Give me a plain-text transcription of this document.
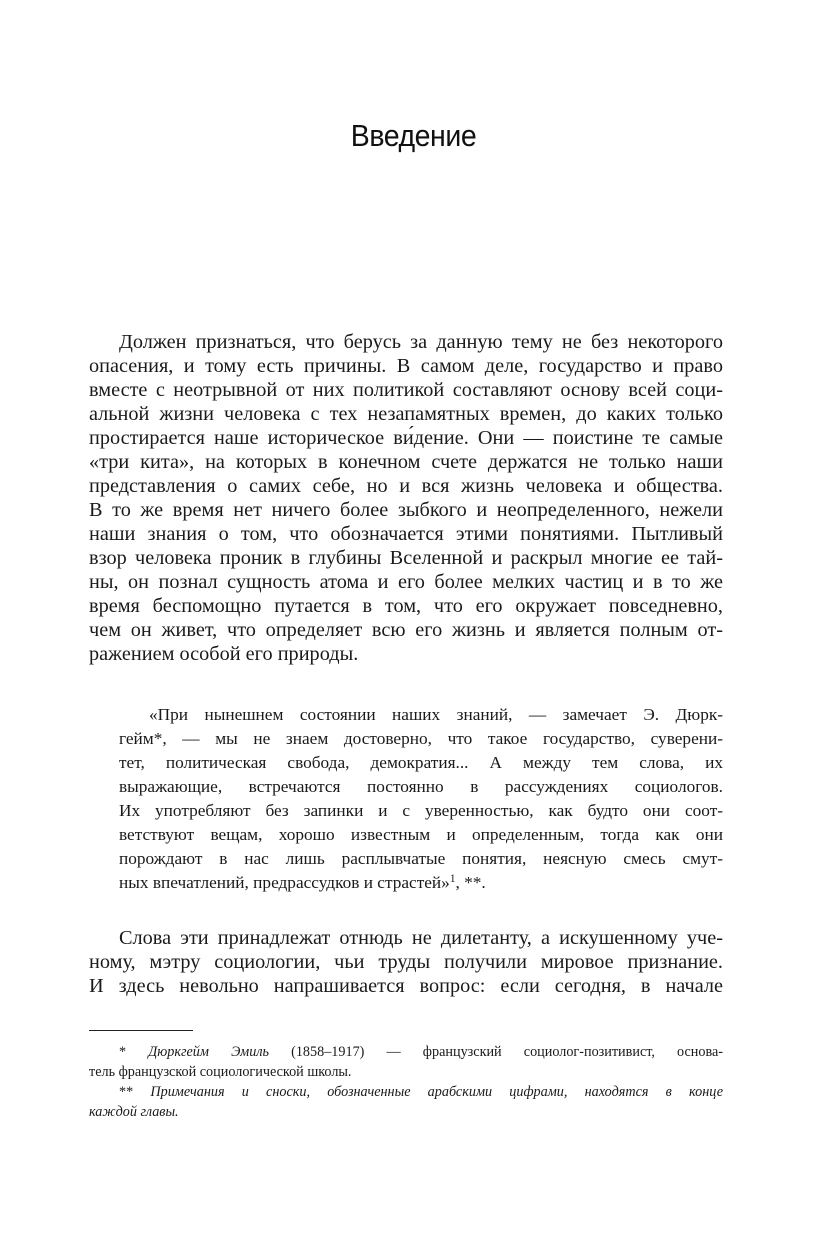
Введение
Должен признаться, что берусь за данную тему не без некоторого
опасения, и тому есть причины. В самом деле, государство и право
вместе с неотрывной от них политикой составляют основу всей соци-
альной жизни человека с тех незапамятных времен, до каких только
простирается наше историческое ви́дение. Они — поистине те самые
«три кита», на которых в конечном счете держатся не только наши
представления о самих себе, но и вся жизнь человека и общества.
В то же время нет ничего более зыбкого и неопределенного, нежели
наши знания о том, что обозначается этими понятиями. Пытливый
взор человека проник в глубины Вселенной и раскрыл многие ее тай-
ны, он познал сущность атома и его более мелких частиц и в то же
время беспомощно путается в том, что его окружает повседневно,
чем он живет, что определяет всю его жизнь и является полным от-
ражением особой его природы.
«При нынешнем состоянии наших знаний, — замечает Э. Дюрк-
гейм*, — мы не знаем достоверно, что такое государство, суверени-
тет, политическая свобода, демократия... А между тем слова, их
выражающие, встречаются постоянно в рассуждениях социологов.
Их употребляют без запинки и с уверенностью, как будто они соот-
ветствуют вещам, хорошо известным и определенным, тогда как они
порождают в нас лишь расплывчатые понятия, неясную смесь смут-
ных впечатлений, предрассудков и страстей»$^1$, **.
Слова эти принадлежат отнюдь не дилетанту, а искушенному уче-
ному, мэтру социологии, чьи труды получили мировое признание.
И здесь невольно напрашивается вопрос: если сегодня, в начале
* Дюркгейм Эмиль (1858–1917) — французский социолог-позитивист, основа-
тель французской социологической школы.
** Примечания и сноски, обозначенные арабскими цифрами, находятся в конце
каждой главы.
